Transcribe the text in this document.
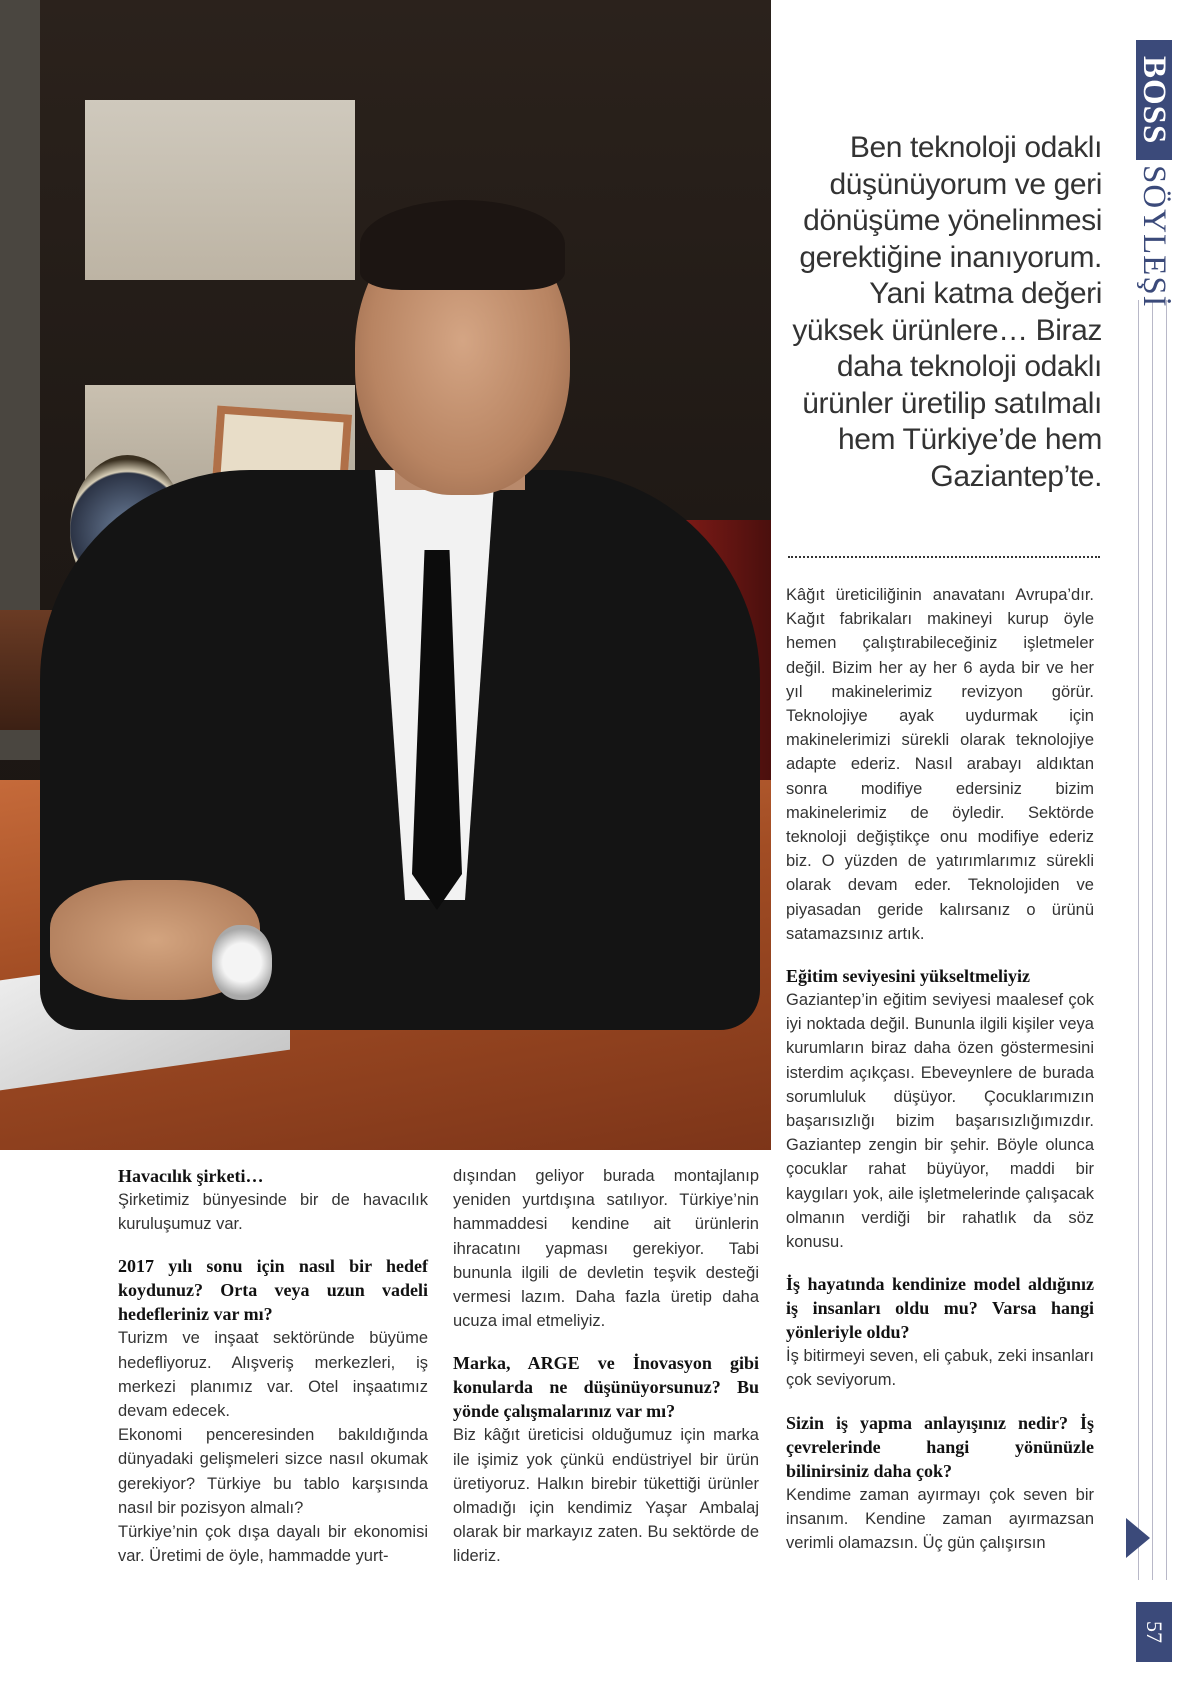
BOSS
SÖYLEŞİ
57
Ben teknoloji odaklı düşünüyorum ve geri dönüşüme yönelinmesi gerektiğine inanıyorum. Yani katma değeri yüksek ürünlere… Biraz daha teknoloji odaklı ürünler üretilip satılmalı hem Türkiye’de hem Gaziantep’te.

Havacılık şirketi…

Şirketimiz bünyesinde bir de havacılık kuruluşumuz var.

2017 yılı sonu için nasıl bir hedef koydunuz? Orta veya uzun vadeli hedefleriniz var mı?

Turizm ve inşaat sektöründe büyüme hedefliyoruz. Alışveriş merkezleri, iş merkezi planımız var. Otel inşaatımız devam edecek.

Ekonomi penceresinden bakıldığında dünyadaki gelişmeleri sizce nasıl okumak gerekiyor? Türkiye bu tablo karşısında nasıl bir pozisyon almalı?

Türkiye’nin çok dışa dayalı bir ekonomisi var. Üretimi de öyle, hammadde yurt-

dışından geliyor burada montajlanıp yeniden yurtdışına satılıyor. Türkiye’nin hammaddesi kendine ait ürünlerin ihracatını yapması gerekiyor. Tabi bununla ilgili de devletin teşvik desteği vermesi lazım. Daha fazla üretip daha ucuza imal etmeliyiz.

Marka, ARGE ve İnovasyon gibi konularda ne düşünüyorsunuz? Bu yönde çalışmalarınız var mı?

Biz kâğıt üreticisi olduğumuz için marka ile işimiz yok çünkü endüstriyel bir ürün üretiyoruz. Halkın birebir tükettiği ürünler olmadığı için kendimiz Yaşar Ambalaj olarak bir markayız zaten. Bu sektörde de lideriz.

Kâğıt üreticiliğinin anavatanı Avrupa’dır. Kağıt fabrikaları makineyi kurup öyle hemen çalıştırabileceğiniz işletmeler değil. Bizim her ay her 6 ayda bir ve her yıl makinelerimiz revizyon görür. Teknolojiye ayak uydurmak için makinelerimizi sürekli olarak teknolojiye adapte ederiz. Nasıl arabayı aldıktan sonra modifiye edersiniz bizim makinelerimiz de öyledir. Sektörde teknoloji değiştikçe onu modifiye ederiz biz. O yüzden de yatırımlarımız sürekli olarak devam eder. Teknolojiden ve piyasadan geride kalırsanız o ürünü satamazsınız artık.

Eğitim seviyesini yükseltmeliyiz

Gaziantep’in eğitim seviyesi maalesef çok iyi noktada değil. Bununla ilgili kişiler veya kurumların biraz daha özen göstermesini isterdim açıkçası. Ebeveynlere de burada sorumluluk düşüyor. Çocuklarımızın başarısızlığı bizim başarısızlığımızdır. Gaziantep zengin bir şehir. Böyle olunca çocuklar rahat büyüyor, maddi bir kaygıları yok, aile işletmelerinde çalışacak olmanın verdiği bir rahatlık da söz konusu.

İş hayatında kendinize model aldığınız iş insanları oldu mu? Varsa hangi yönleriyle oldu?

İş bitirmeyi seven, eli çabuk, zeki insanları çok seviyorum.

Sizin iş yapma anlayışınız nedir? İş çevrelerinde hangi yönünüzle bilinirsiniz daha çok?

Kendime zaman ayırmayı çok seven bir insanım. Kendine zaman ayırmazsan verimli olamazsın. Üç gün çalışırsın
